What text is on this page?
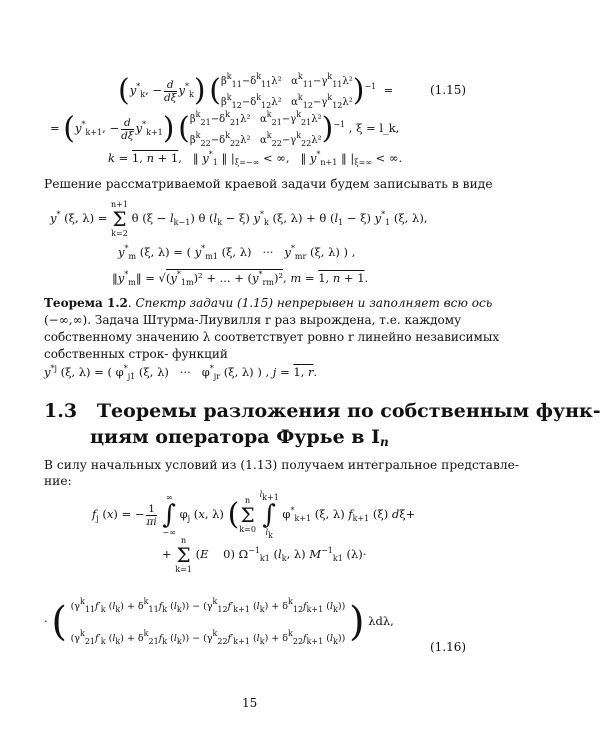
($y^*_k$, − $\frac{d}{d\xi} y^*_k$) ( $\beta^k_{11}-\delta^k_{11}\lambda^2$   $\alpha^k_{11}-\gamma^k_{11}\lambda^2$
$\beta^k_{12}-\delta^k_{12}\lambda^2$   $\alpha^k_{12}-\gamma^k_{12}\lambda^2$ )$^{-1}$ =	(1.15)
= ($y^*_{k+1}$, − $\frac{d}{d\xi} y^*_{k+1}$) ( $\beta^k_{21}-\delta^k_{21}\lambda^2$   $\alpha^k_{21}-\gamma^k_{21}\lambda^2$
$\beta^k_{22}-\delta^k_{22}\lambda^2$   $\alpha^k_{22}-\gamma^k_{22}\lambda^2$ )$^{-1}$ , ξ = l_k,
k = 1, n + 1,   ‖ $y^*_1$ ‖ $|_{\xi=-\infty}$ < ∞,   ‖ $y^*_{n+1}$ ‖ $|_{\xi=\infty}$ < ∞.
Решение рассматриваемой краевой задачи будем записывать в виде
y* (ξ, λ) =
n+1
Σ
k=2
θ $(\xi - l_{k-1})$ θ $(l_k - \xi)$ $y^*_k$ (ξ, λ) + θ $(l_1 - \xi)$ $y^*_1$ (ξ, λ),
$y^*_m$ (ξ, λ) = ( $y^*_{m1}$ (ξ, λ)   ···   $y^*_{mr}$ (ξ, λ) ) ,
$‖y^*_m‖ = √(y^*_{1m})^2$ + ... + $(y^*_{rm})^2$, m = 1, n + 1.
Теорема 1.2. Спектр задачи (1.15) непрерывен и заполняет всю ось
(−∞,∞). Задача Штурма-Лиувилля r раз вырождена, т.е. каждому
собственному значению λ соответствует ровно r линейно независимых
собственных строк- функций
$y^{*j}$ (ξ, λ) = ( $\varphi^*_{j1}$ (ξ, λ)   ···   $\varphi^*_{jr}$ (ξ, λ) ) , j = 1, r.
1.3 Теоремы разложения по собственным функ-
циям оператора Фурье в $I_n$
В силу начальных условий из (1.13) получаем интегральное представле-
ние:
$f_j$ (x) = − $\frac{1}{\pi i}$

∞
∫
−∞
$\varphi_j$ (x, λ) ( n
Σ
k=0

lk+1
∫
lk
$\varphi^*_{k+1}$ (ξ, λ) $f_{k+1}$ (ξ) dξ+
+
n
Σ
k=1
(E    0) $\Omega^{-1}_{k1}$ ($l_k$, λ) $M^{-1}_{k1}$ (λ)·
· ( ($\gamma^k_{11}f'_k$ $(l_k) + \delta^k_{11}f_k$ $(l_k)) - (\gamma^k_{12}f'_{k+1}$ $(l_k) + \delta^k_{12}f_{k+1}$ $(l_k)$)
($\gamma^k_{21}f'_k$ $(l_k) + \delta^k_{21}f_k$ $(l_k)) - (\gamma^k_{22}f'_{k+1}$ $(l_k) + \delta^k_{22}f_{k+1}$ $(l_k)$) ) λdλ,
(1.16)
15
